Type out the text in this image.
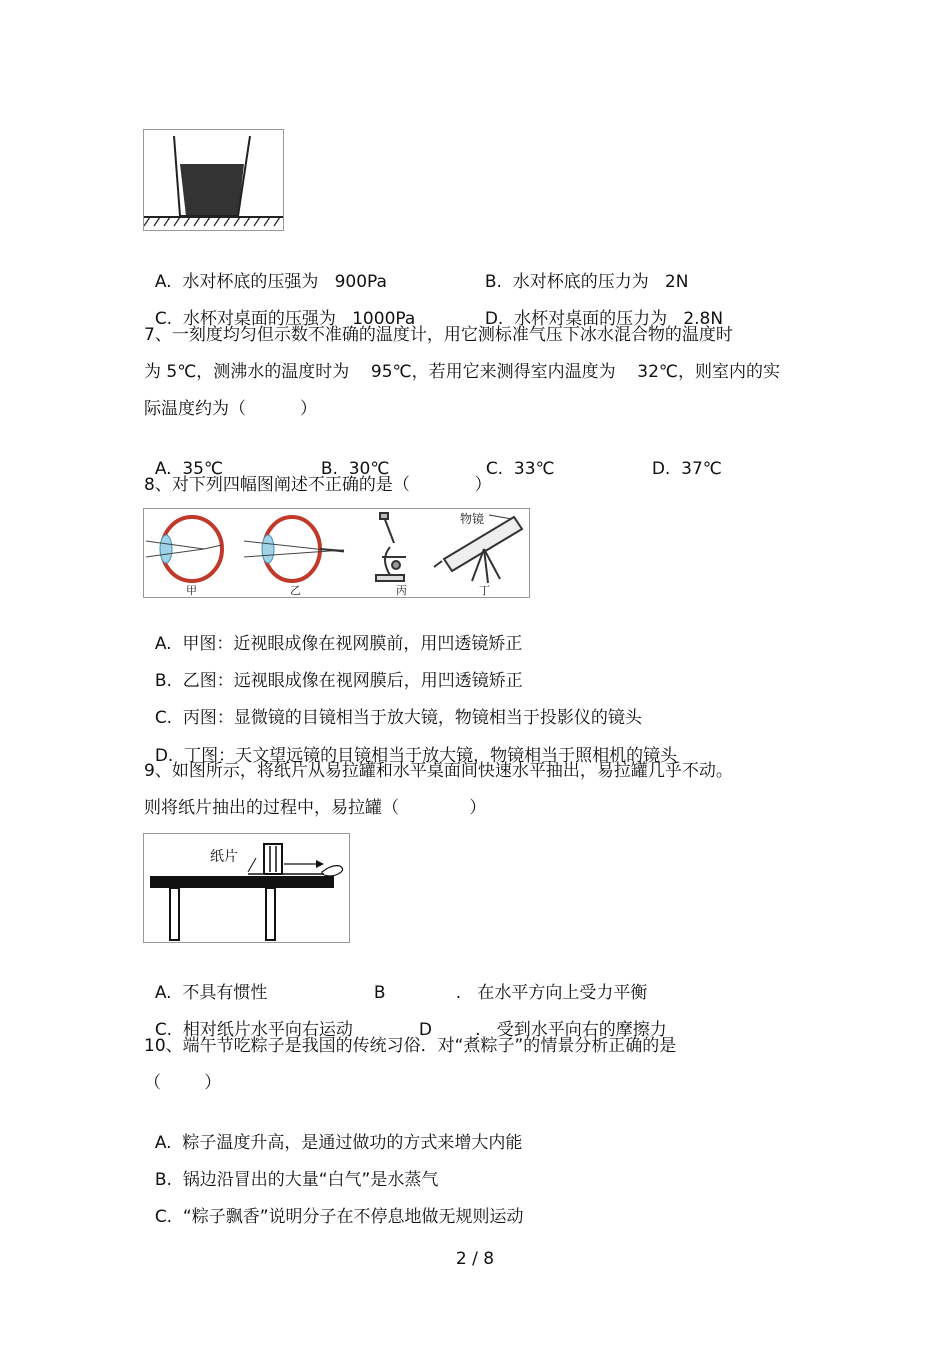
A. 水对杯底的压强为   900Pa	B. 水对杯底的压力为   2N

C. 水杯对桌面的压强为   1000Pa	D. 水杯对桌面的压力为   2.8N

7、一刻度均匀但示数不准确的温度计，用它测标准气压下冰水混合物的温度时
为 5℃，测沸水的温度时为    95℃，若用它来测得室内温度为    32℃，则室内的实
际温度约为（          ）

A. 35℃	B. 30℃	C. 33℃	D. 37℃

8、对下列四幅图阐述不正确的是（            ）
物镜
甲	乙	丙	丁

A. 甲图：近视眼成像在视网膜前，用凹透镜矫正

B. 乙图：远视眼成像在视网膜后，用凹透镜矫正

C. 丙图：显微镜的目镜相当于放大镜，物镜相当于投影仪的镜头

D. 丁图：天文望远镜的目镜相当于放大镜，物镜相当于照相机的镜头

9、如图所示，将纸片从易拉罐和水平桌面间快速水平抽出，易拉罐几乎不动。
则将纸片抽出的过程中，易拉罐（             ）
纸片

A. 不具有惯性	B	.   在水平方向上受力平衡

C. 相对纸片水平向右运动	D	.   受到水平向右的摩擦力

10、端午节吃粽子是我国的传统习俗．对“煮粽子”的情景分析正确的是
（        ）

A. 粽子温度升高，是通过做功的方式来增大内能

B. 锅边沿冒出的大量“白气”是水蒸气

C. “粽子飘香”说明分子在不停息地做无规则运动

2 / 8
